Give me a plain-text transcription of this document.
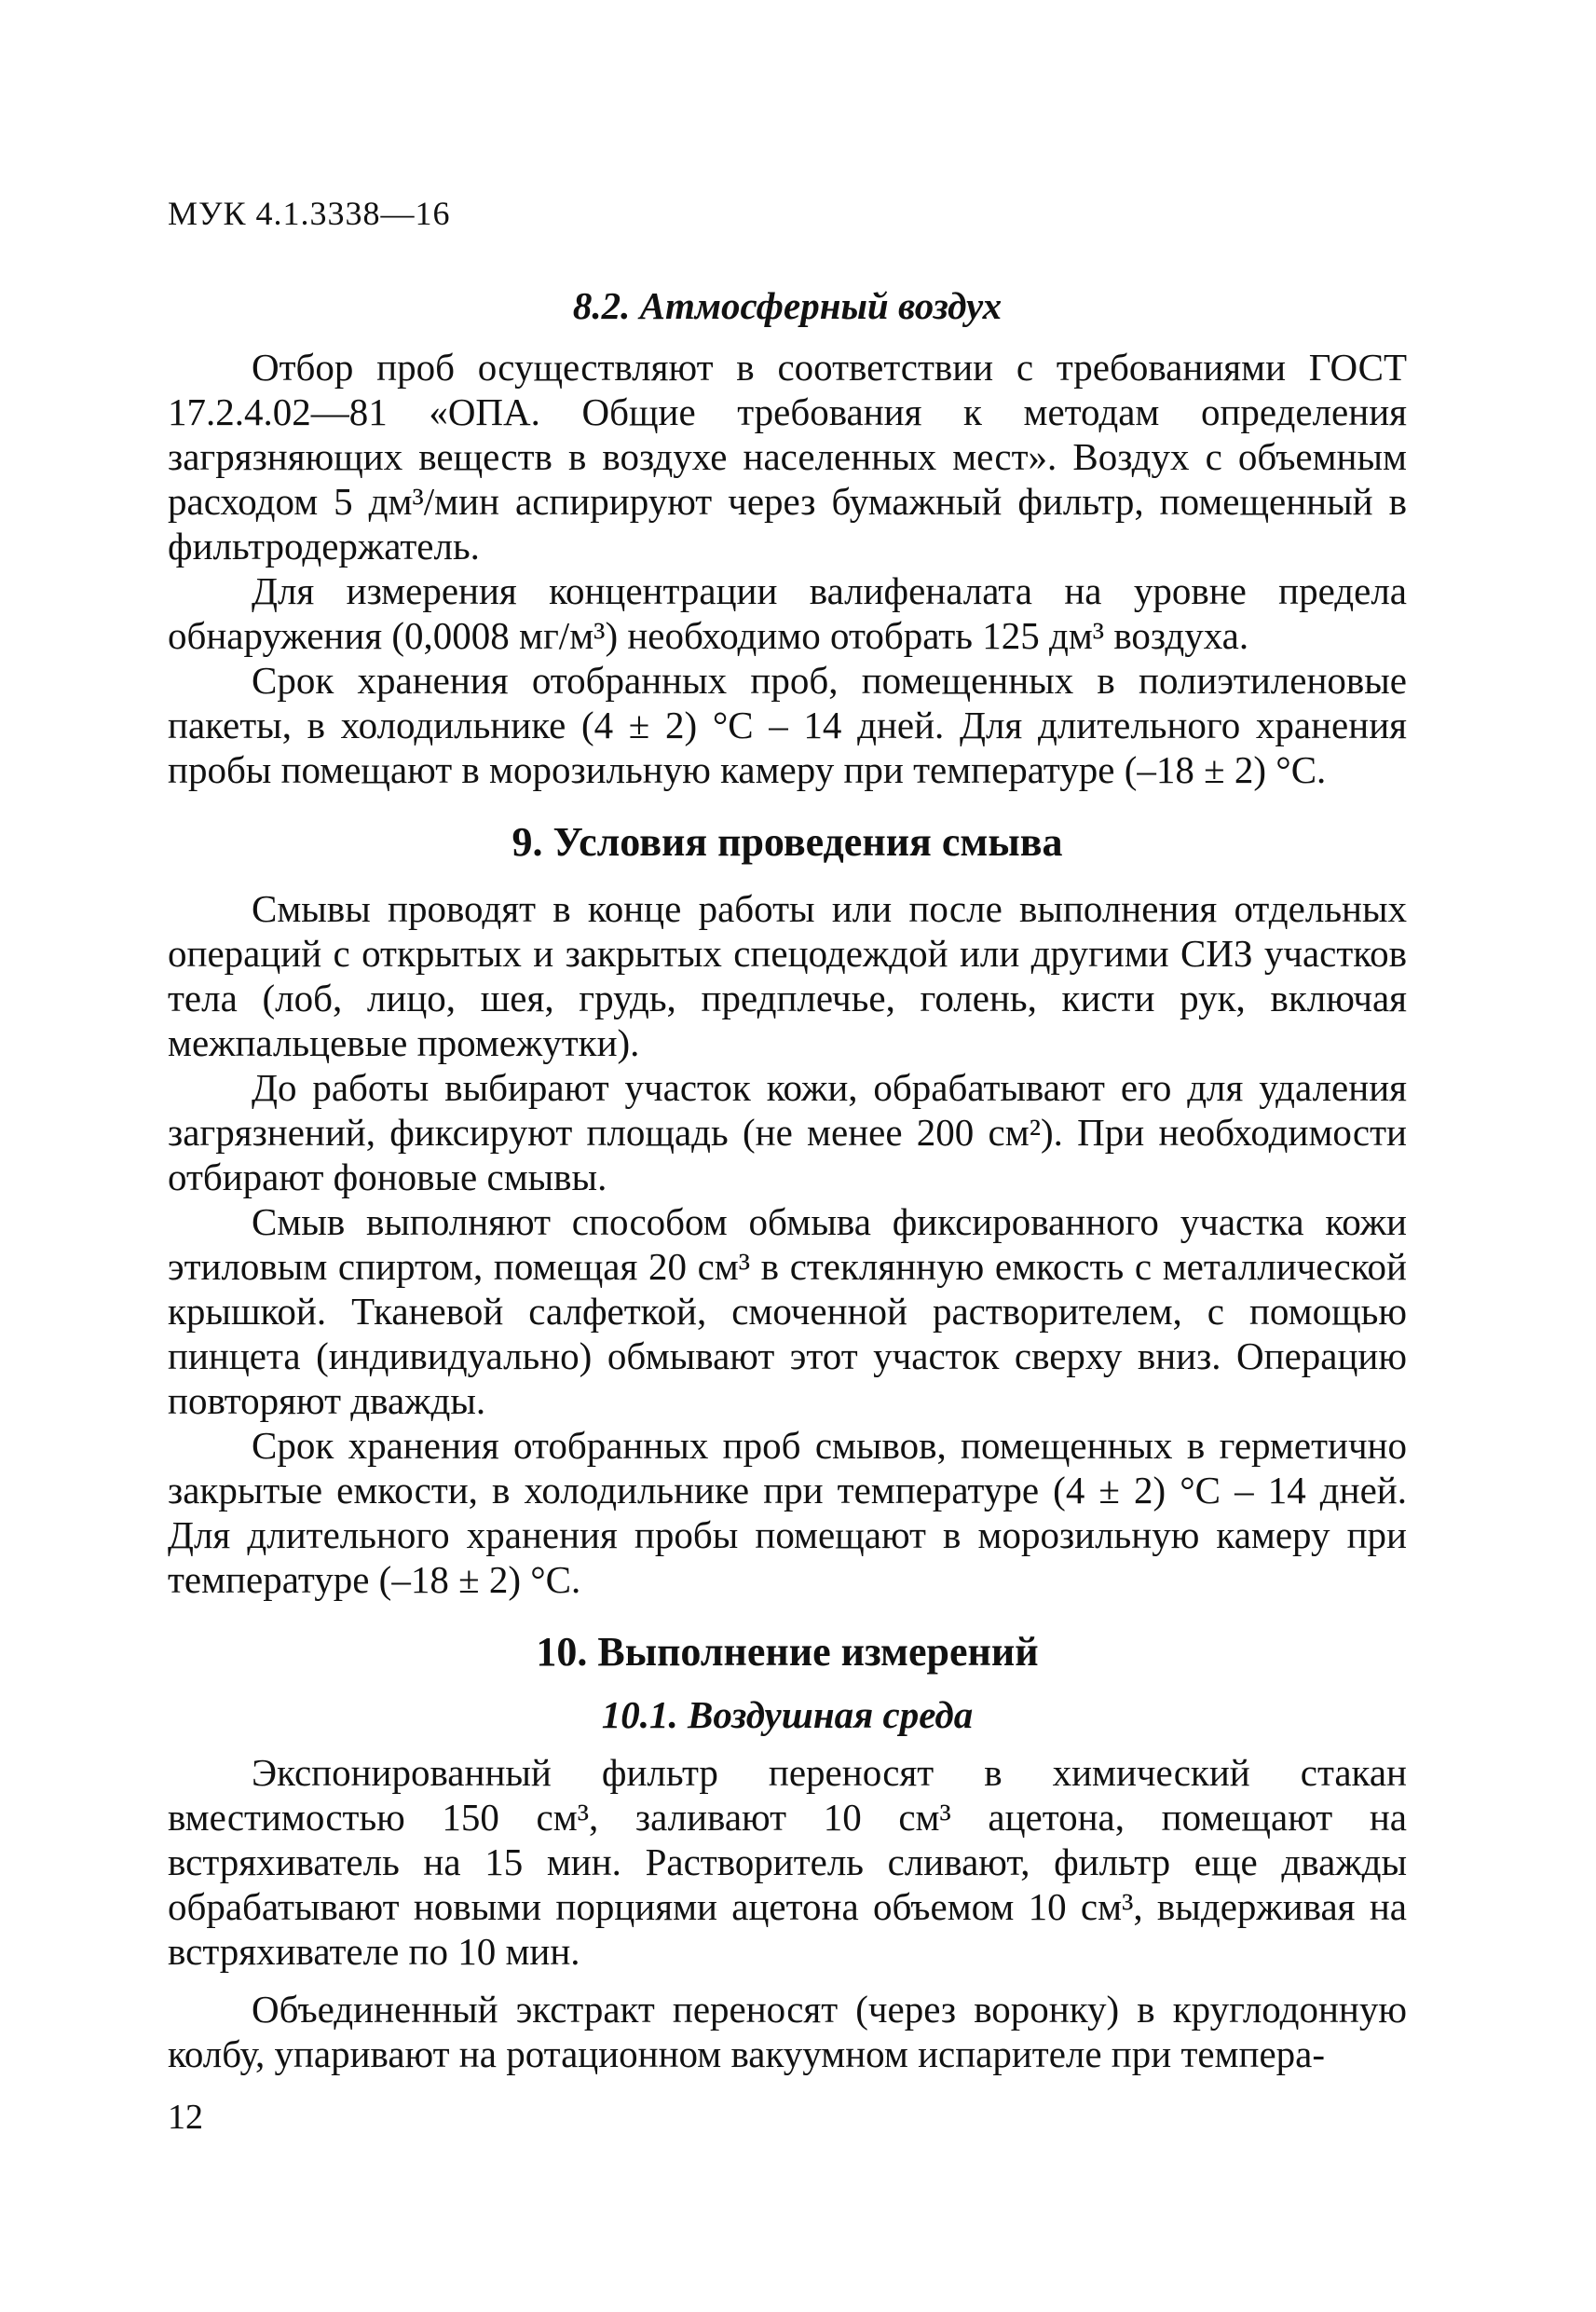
МУК 4.1.3338—16
8.2. Атмосферный воздух

Отбор проб осуществляют в соответствии с требованиями ГОСТ 17.2.4.02—81 «ОПА. Общие требования к методам определения загрязняющих веществ в воздухе населенных мест». Воздух с объемным расходом 5 дм³/мин аспирируют через бумажный фильтр, помещенный в фильтродержатель.

Для измерения концентрации валифеналата на уровне предела обнаружения (0,0008 мг/м³) необходимо отобрать 125 дм³ воздуха.

Срок хранения отобранных проб, помещенных в полиэтиленовые пакеты, в холодильнике (4 ± 2) °С – 14 дней. Для длительного хранения пробы помещают в морозильную камеру при температуре (–18 ± 2) °С.

9. Условия проведения смыва

Смывы проводят в конце работы или после выполнения отдельных операций с открытых и закрытых спецодеждой или другими СИЗ участков тела (лоб, лицо, шея, грудь, предплечье, голень, кисти рук, включая межпальцевые промежутки).

До работы выбирают участок кожи, обрабатывают его для удаления загрязнений, фиксируют площадь (не менее 200 см²). При необходимости отбирают фоновые смывы.

Смыв выполняют способом обмыва фиксированного участка кожи этиловым спиртом, помещая 20 см³ в стеклянную емкость с металлической крышкой. Тканевой салфеткой, смоченной растворителем, с помощью пинцета (индивидуально) обмывают этот участок сверху вниз. Операцию повторяют дважды.

Срок хранения отобранных проб смывов, помещенных в герметично закрытые емкости, в холодильнике при температуре (4 ± 2) °С – 14 дней. Для длительного хранения пробы помещают в морозильную камеру при температуре (–18 ± 2) °С.

10. Выполнение измерений
10.1. Воздушная среда

Экспонированный фильтр переносят в химический стакан вместимостью 150 см³, заливают 10 см³ ацетона, помещают на встряхиватель на 15 мин. Растворитель сливают, фильтр еще дважды обрабатывают новыми порциями ацетона объемом 10 см³, выдерживая на встряхивателе по 10 мин.

Объединенный экстракт переносят (через воронку) в круглодонную колбу, упаривают на ротационном вакуумном испарителе при темпера-

12
